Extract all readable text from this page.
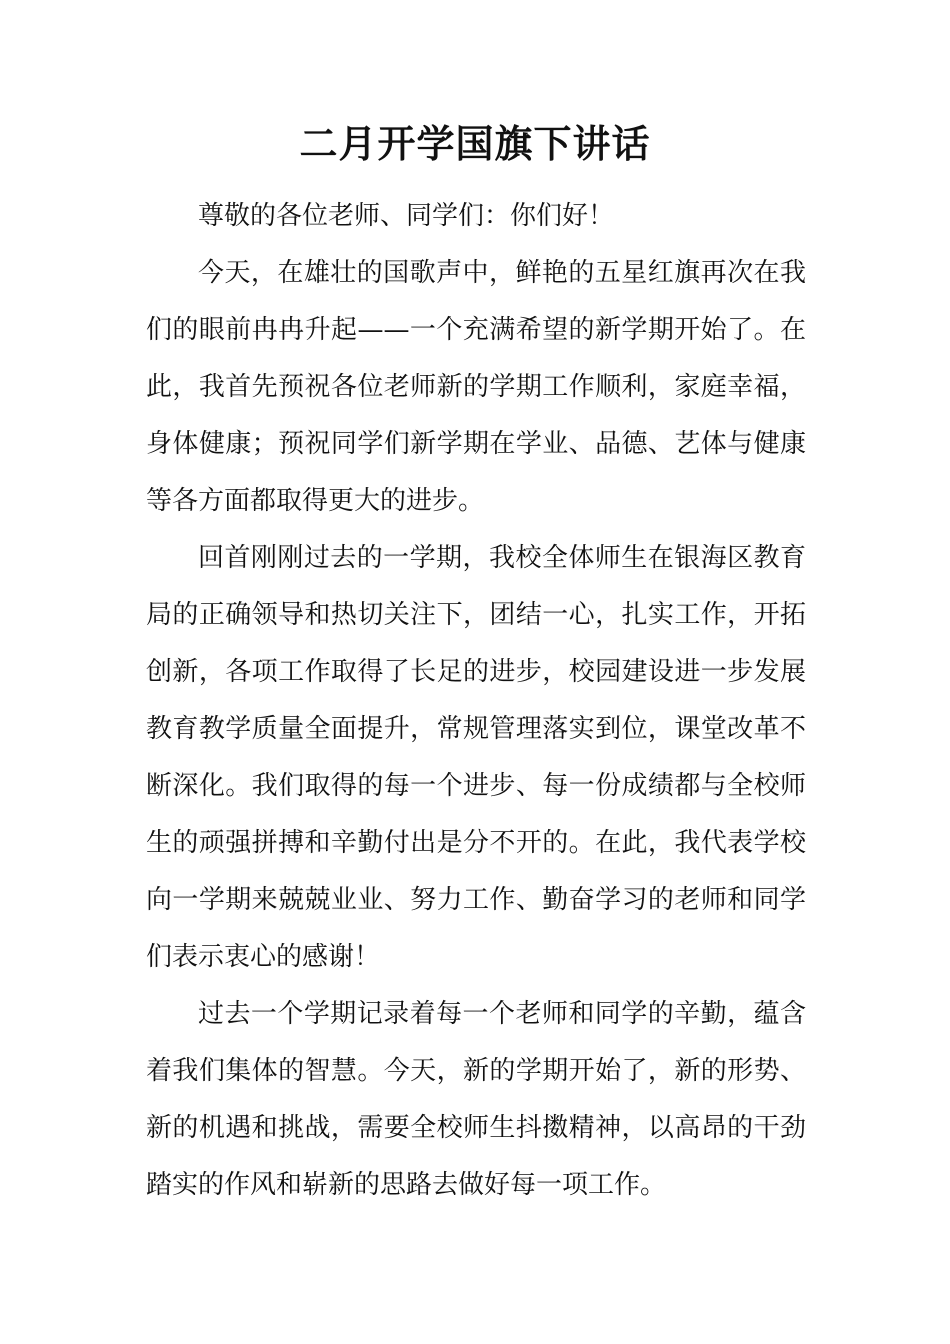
二月开学国旗下讲话

尊敬的各位老师、同学们：你们好！

今天，在雄壮的国歌声中，鲜艳的五星红旗再次在我们的眼前冉冉升起——一个充满希望的新学期开始了。在此，我首先预祝各位老师新的学期工作顺利，家庭幸福，身体健康；预祝同学们新学期在学业、品德、艺体与健康等各方面都取得更大的进步。

回首刚刚过去的一学期，我校全体师生在银海区教育局的正确领导和热切关注下，团结一心，扎实工作，开拓创新，各项工作取得了长足的进步，校园建设进一步发展教育教学质量全面提升，常规管理落实到位，课堂改革不断深化。我们取得的每一个进步、每一份成绩都与全校师生的顽强拼搏和辛勤付出是分不开的。在此，我代表学校向一学期来兢兢业业、努力工作、勤奋学习的老师和同学们表示衷心的感谢！

过去一个学期记录着每一个老师和同学的辛勤，蕴含着我们集体的智慧。今天，新的学期开始了，新的形势、新的机遇和挑战，需要全校师生抖擞精神，以高昂的干劲踏实的作风和崭新的思路去做好每一项工作。
